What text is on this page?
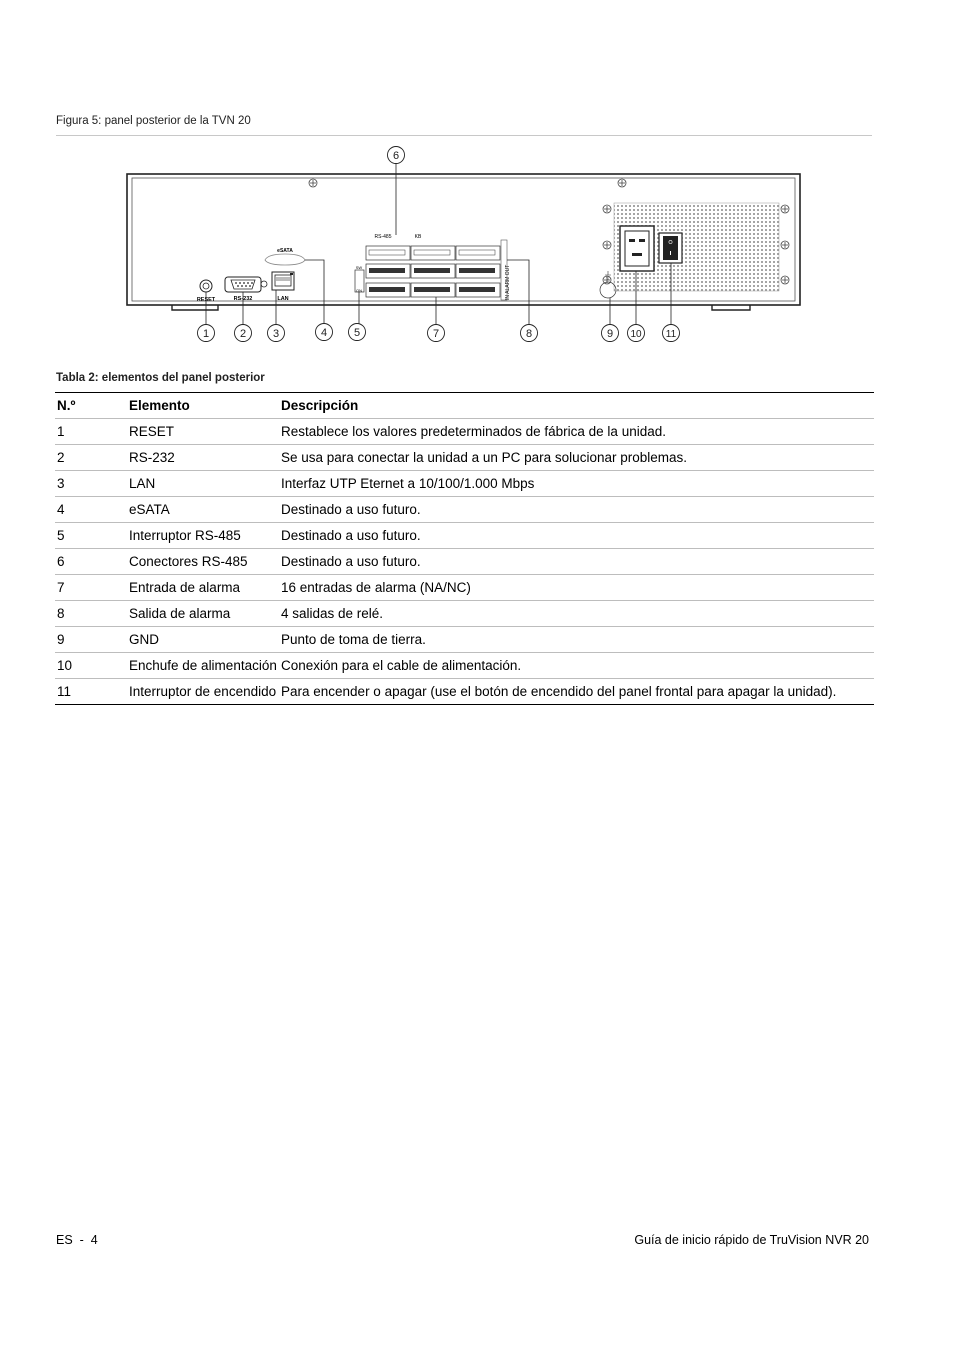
Figura 5: panel posterior de la TVN 20
RESET	RS-232	LAN
eSATA
SW
ON
RS-485	KB
IN ALARM OUT
1	2 3	4 5
6
7	8	9 10 11
Tabla 2: elementos del panel posterior
N.º	Elemento	Descripción
1	RESET	Restablece los valores predeterminados de fábrica de la unidad.
2	RS-232	Se usa para conectar la unidad a un PC para solucionar problemas.
3	LAN	Interfaz UTP Eternet a 10/100/1.000 Mbps
4	eSATA	Destinado a uso futuro.
5	Interruptor RS-485	Destinado a uso futuro.
6	Conectores RS-485	Destinado a uso futuro.
7	Entrada de alarma	16 entradas de alarma (NA/NC)
8	Salida de alarma	4 salidas de relé.
9	GND	Punto de toma de tierra.
10	Enchufe de alimentación	Conexión para el cable de alimentación.
11	Interruptor de encendido	Para encender o apagar (use el botón de encendido del panel frontal para apagar la unidad).
ES  -  4	Guía de inicio rápido de TruVision NVR 20
